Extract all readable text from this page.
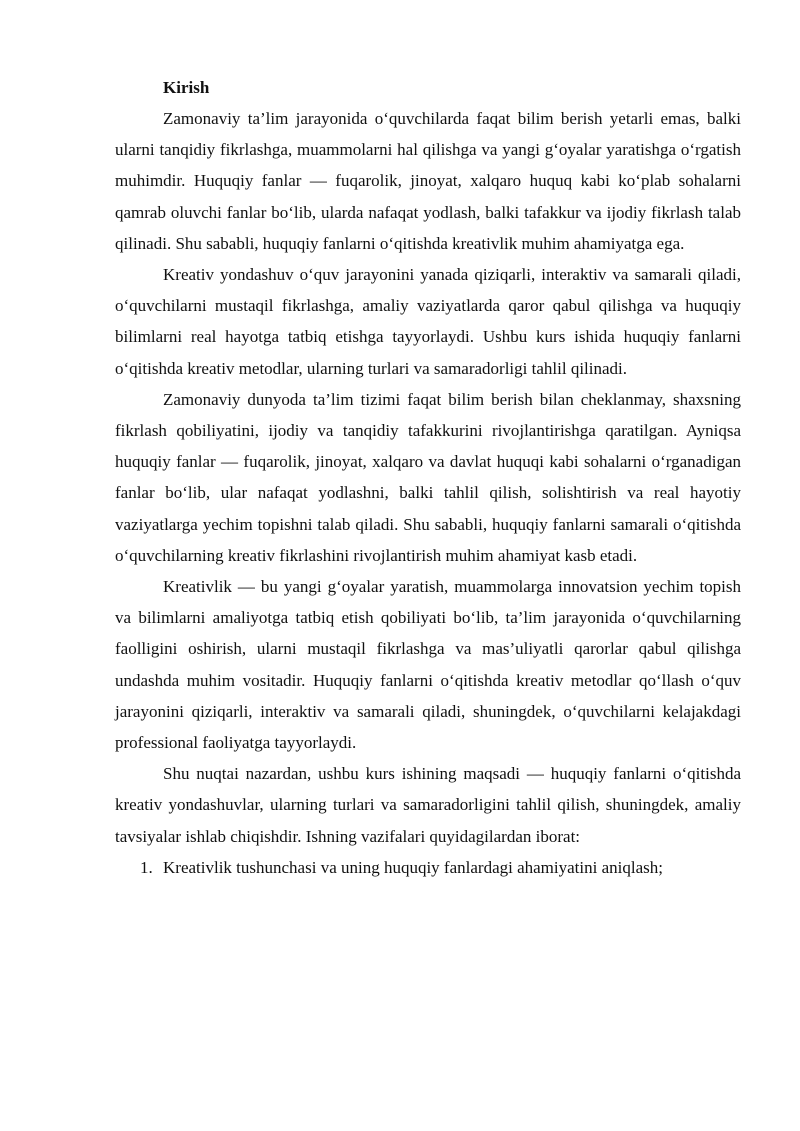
Kirish

Zamonaviy ta’lim jarayonida o‘quvchilarda faqat bilim berish yetarli emas, balki ularni tanqidiy fikrlashga, muammolarni hal qilishga va yangi g‘oyalar yaratishga o‘rgatish muhimdir. Huquqiy fanlar — fuqarolik, jinoyat, xalqaro huquq kabi ko‘plab sohalarni qamrab oluvchi fanlar bo‘lib, ularda nafaqat yodlash, balki tafakkur va ijodiy fikrlash talab qilinadi. Shu sababli, huquqiy fanlarni o‘qitishda kreativlik muhim ahamiyatga ega.

Kreativ yondashuv o‘quv jarayonini yanada qiziqarli, interaktiv va samarali qiladi, o‘quvchilarni mustaqil fikrlashga, amaliy vaziyatlarda qaror qabul qilishga va huquqiy bilimlarni real hayotga tatbiq etishga tayyorlaydi. Ushbu kurs ishida huquqiy fanlarni o‘qitishda kreativ metodlar, ularning turlari va samaradorligi tahlil qilinadi.

Zamonaviy dunyoda ta’lim tizimi faqat bilim berish bilan cheklanmay, shaxsning fikrlash qobiliyatini, ijodiy va tanqidiy tafakkurini rivojlantirishga qaratilgan. Ayniqsa huquqiy fanlar — fuqarolik, jinoyat, xalqaro va davlat huquqi kabi sohalarni o‘rganadigan fanlar bo‘lib, ular nafaqat yodlashni, balki tahlil qilish, solishtirish va real hayotiy vaziyatlarga yechim topishni talab qiladi. Shu sababli, huquqiy fanlarni samarali o‘qitishda o‘quvchilarning kreativ fikrlashini rivojlantirish muhim ahamiyat kasb etadi.

Kreativlik — bu yangi g‘oyalar yaratish, muammolarga innovatsion yechim topish va bilimlarni amaliyotga tatbiq etish qobiliyati bo‘lib, ta’lim jarayonida o‘quvchilarning faolligini oshirish, ularni mustaqil fikrlashga va mas’uliyatli qarorlar qabul qilishga undashda muhim vositadir. Huquqiy fanlarni o‘qitishda kreativ metodlar qo‘llash o‘quv jarayonini qiziqarli, interaktiv va samarali qiladi, shuningdek, o‘quvchilarni kelajakdagi professional faoliyatga tayyorlaydi.

Shu nuqtai nazardan, ushbu kurs ishining maqsadi — huquqiy fanlarni o‘qitishda kreativ yondashuvlar, ularning turlari va samaradorligini tahlil qilish, shuningdek, amaliy tavsiyalar ishlab chiqishdir. Ishning vazifalari quyidagilardan iborat:

1. Kreativlik tushunchasi va uning huquqiy fanlardagi ahamiyatini aniqlash;
